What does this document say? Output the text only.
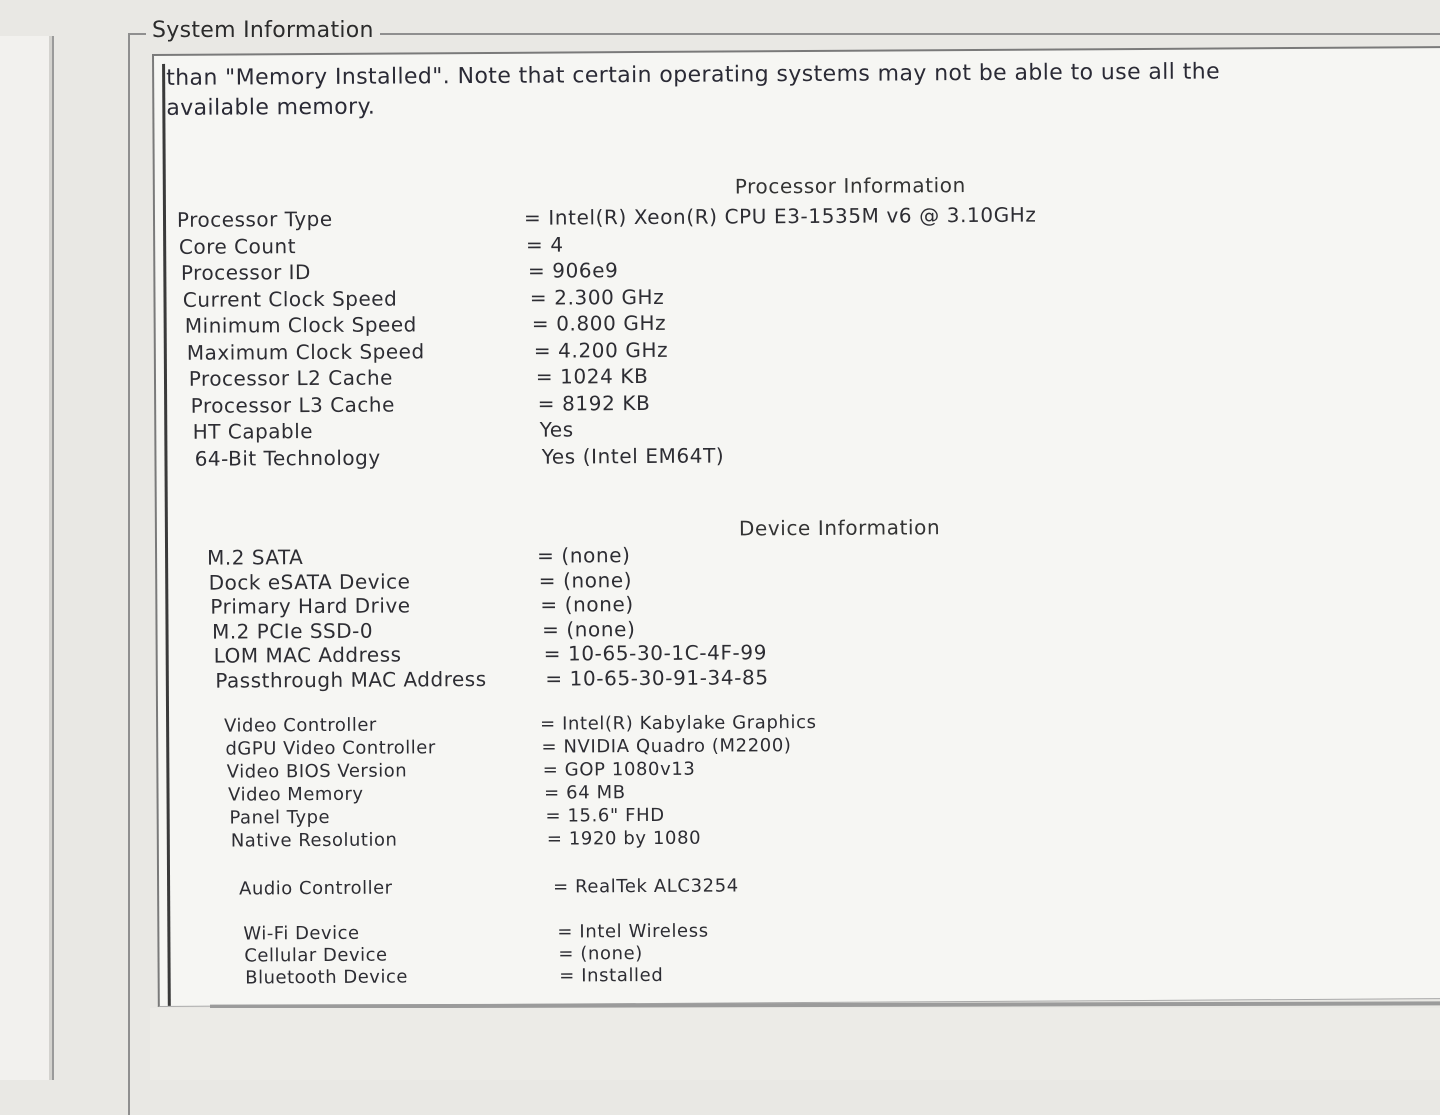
System Information
than "Memory Installed". Note that certain operating systems may not be able to use all the
available memory.
Processor Information
Processor Type	= Intel(R) Xeon(R) CPU E3-1535M v6 @ 3.10GHz
Core Count	= 4
Processor ID	= 906e9
Current Clock Speed	= 2.300 GHz
Minimum Clock Speed	= 0.800 GHz
Maximum Clock Speed	= 4.200 GHz
Processor L2 Cache	= 1024 KB
Processor L3 Cache	= 8192 KB
HT Capable	Yes
64-Bit Technology	Yes (Intel EM64T)
Device Information
M.2 SATA	= (none)
Dock eSATA Device	= (none)
Primary Hard Drive	= (none)
M.2 PCIe SSD-0	= (none)
LOM MAC Address	= 10-65-30-1C-4F-99
Passthrough MAC Address	= 10-65-30-91-34-85
Video Controller	= Intel(R) Kabylake Graphics
dGPU Video Controller	= NVIDIA Quadro (M2200)
Video BIOS Version	= GOP 1080v13
Video Memory	= 64 MB
Panel Type	= 15.6" FHD
Native Resolution	= 1920 by 1080
Audio Controller	= RealTek ALC3254
Wi-Fi Device	= Intel Wireless
Cellular Device	= (none)
Bluetooth Device	= Installed
